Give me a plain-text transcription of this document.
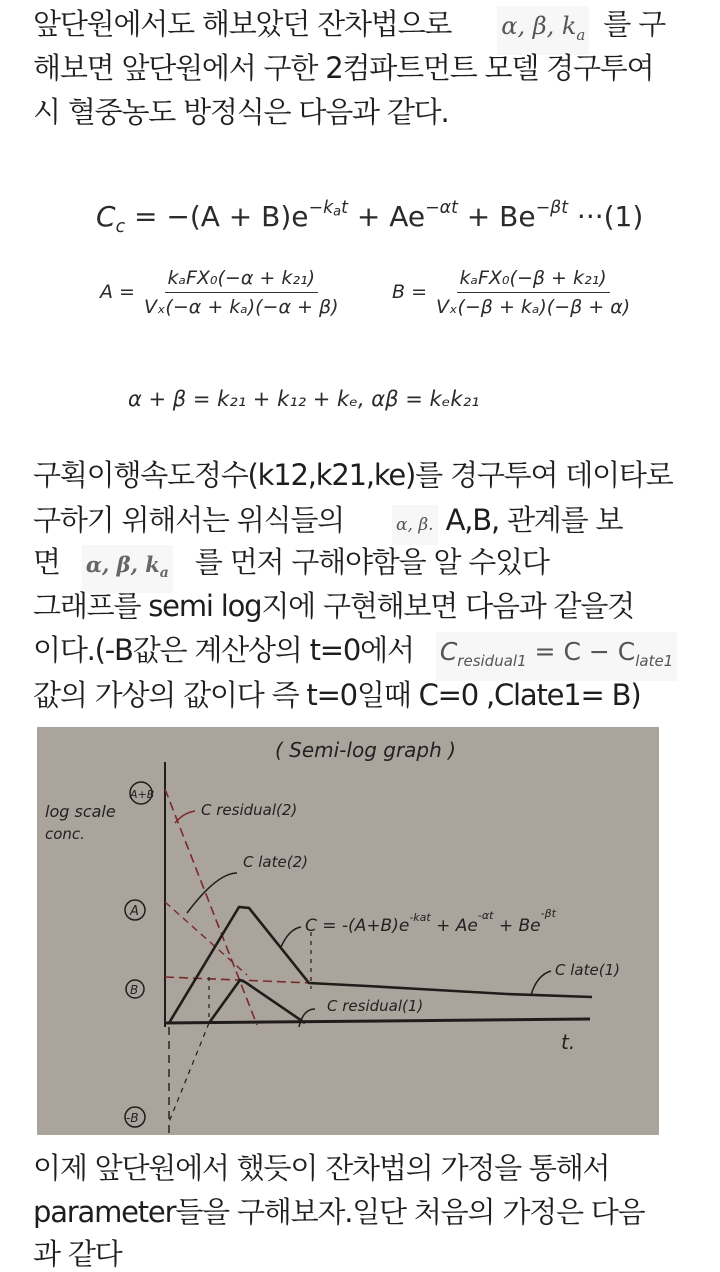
앞단원에서도 해보았던 잔차법으로 α, β, $k_a$ 를 구
해보면 앞단원에서 구한 2컴파트먼트 모델 경구투여
시 혈중농도 방정식은 다음과 같다.
$C_c = -(A + B)e^{-kat} + Ae^{-\alpha t} + Be^{-\beta t} \cdot\cdot\cdot(1)$
$A = \frac{\text{kₐFX₀(−α + k₂₁)}}{\text{Vₓ(−α + kₐ)(−α + β)}}$	$B = \frac{\text{kₐFX₀(−β + k₂₁)}}{\text{Vₓ(−β + kₐ)(−β + α)}}$
α + β = k₂₁ + k₁₂ + kₑ, αβ = kₑk₂₁
구획이행속도정수(k12,k21,ke)를 경구투여 데이타로
구하기 위해서는 위식들의	α, β. A,B, 관계를 보
면 α, β, $k_a$ 를 먼저 구해야함을 알 수있다
그래프를 semi log지에 구현해보면 다음과 같을것
이다.(-B값은 계산상의 t=0에서 $C_{residual1} = C - C_{late1}$
값의 가상의 값이다 즉 t=0일때 C=0 ,Clate1= B)
( Semi-log graph )
log scale
conc.
t.
A+B
A
B
-B
C residual(2)
C late(2)
$C = -(A+B)e^{-kat} + Ae^{-\alpha t} + Be^{-\beta t}$
C late(1)
C residual(1)
이제 앞단원에서 했듯이 잔차법의 가정을 통해서
parameter들을 구해보자.일단 처음의 가정은 다음
과 같다
